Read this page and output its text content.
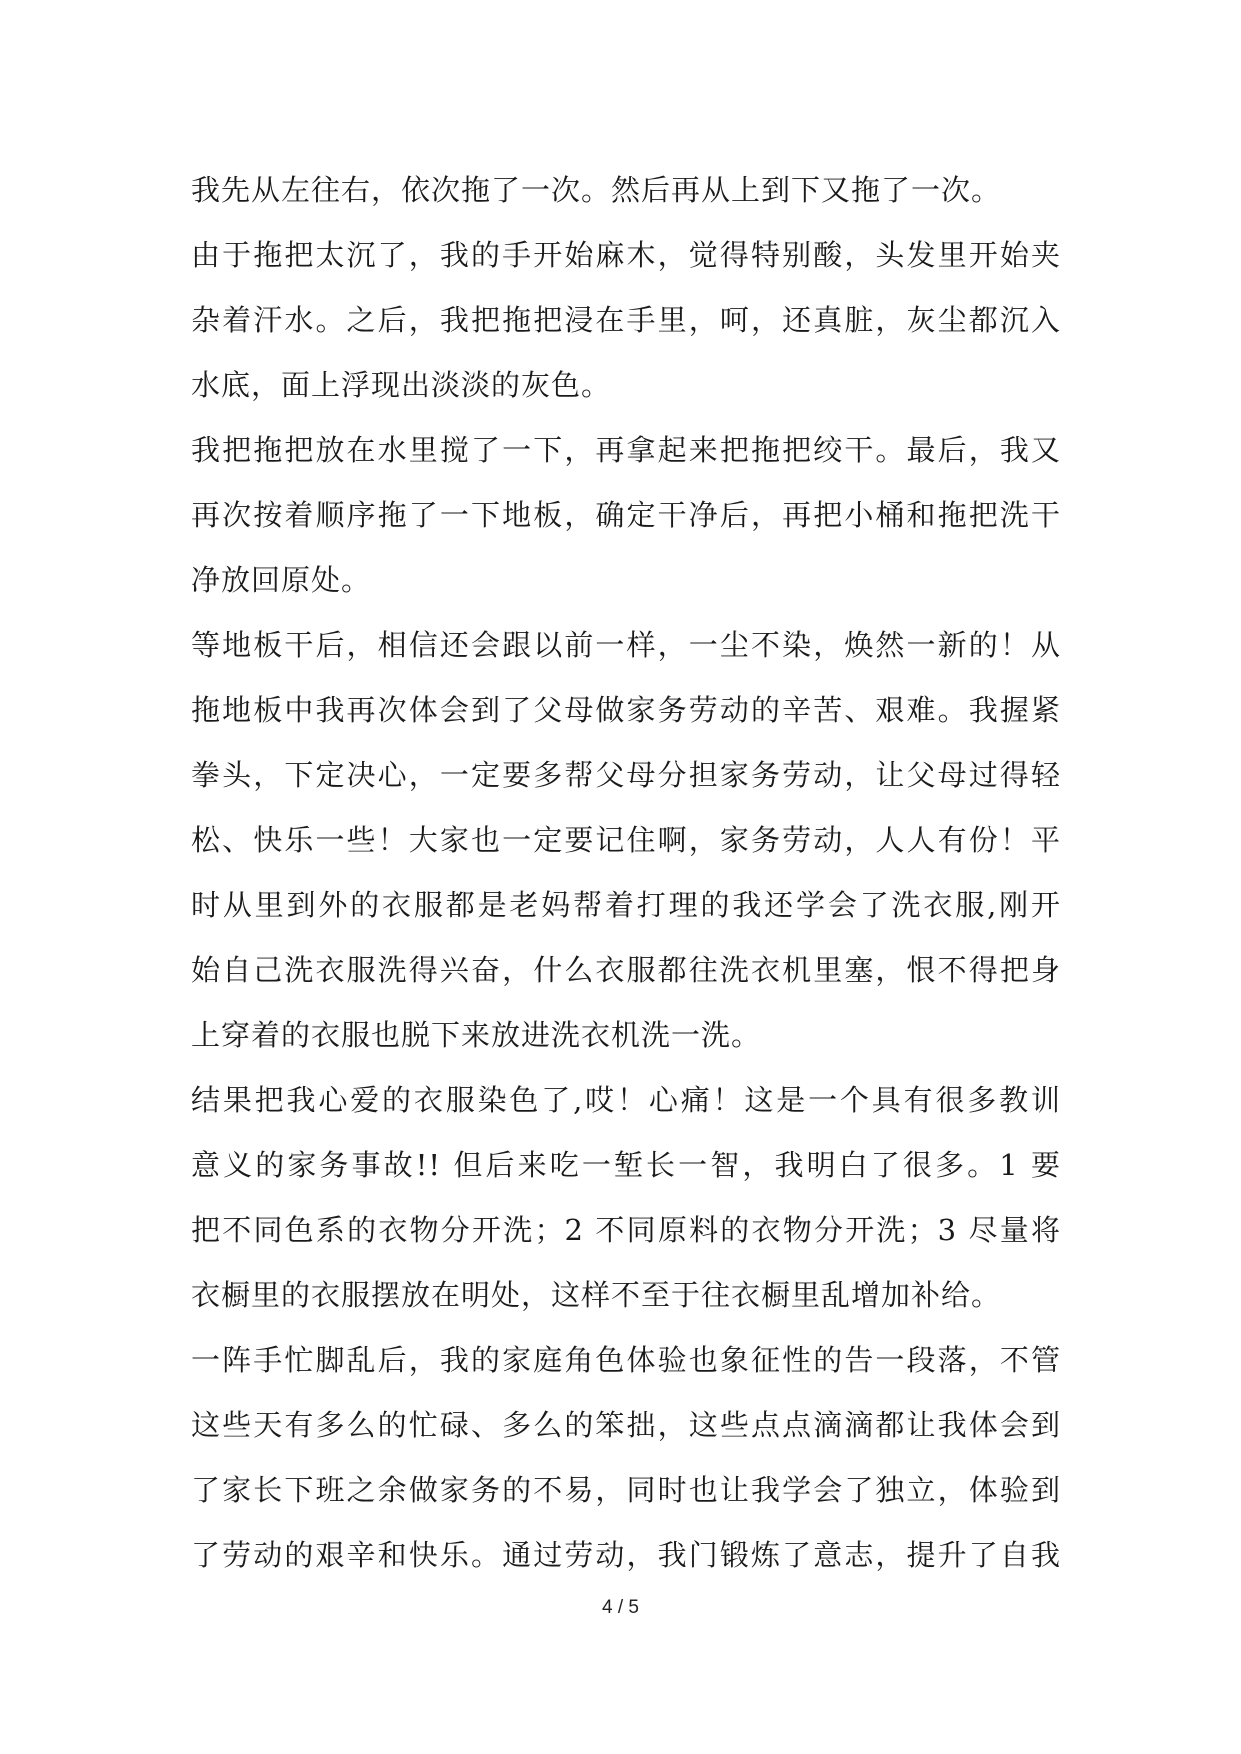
我先从左往右，依次拖了一次。然后再从上到下又拖了一次。
由于拖把太沉了，我的手开始麻木，觉得特别酸，头发里开始夹
杂着汗水。之后，我把拖把浸在手里，呵，还真脏，灰尘都沉入
水底，面上浮现出淡淡的灰色。
我把拖把放在水里搅了一下，再拿起来把拖把绞干。最后，我又
再次按着顺序拖了一下地板，确定干净后，再把小桶和拖把洗干
净放回原处。
等地板干后，相信还会跟以前一样，一尘不染，焕然一新的！从
拖地板中我再次体会到了父母做家务劳动的辛苦、艰难。我握紧
拳头，下定决心，一定要多帮父母分担家务劳动，让父母过得轻
松、快乐一些！大家也一定要记住啊，家务劳动，人人有份！平
时从里到外的衣服都是老妈帮着打理的我还学会了洗衣服,刚开
始自己洗衣服洗得兴奋，什么衣服都往洗衣机里塞，恨不得把身
上穿着的衣服也脱下来放进洗衣机洗一洗。
结果把我心爱的衣服染色了,哎！心痛！这是一个具有很多教训
意义的家务事故!! 但后来吃一堑长一智，我明白了很多。1 要
把不同色系的衣物分开洗；2 不同原料的衣物分开洗；3 尽量将
衣橱里的衣服摆放在明处，这样不至于往衣橱里乱增加补给。
一阵手忙脚乱后，我的家庭角色体验也象征性的告一段落，不管
这些天有多么的忙碌、多么的笨拙，这些点点滴滴都让我体会到
了家长下班之余做家务的不易，同时也让我学会了独立，体验到
了劳动的艰辛和快乐。通过劳动，我门锻炼了意志，提升了自我
4 / 5
